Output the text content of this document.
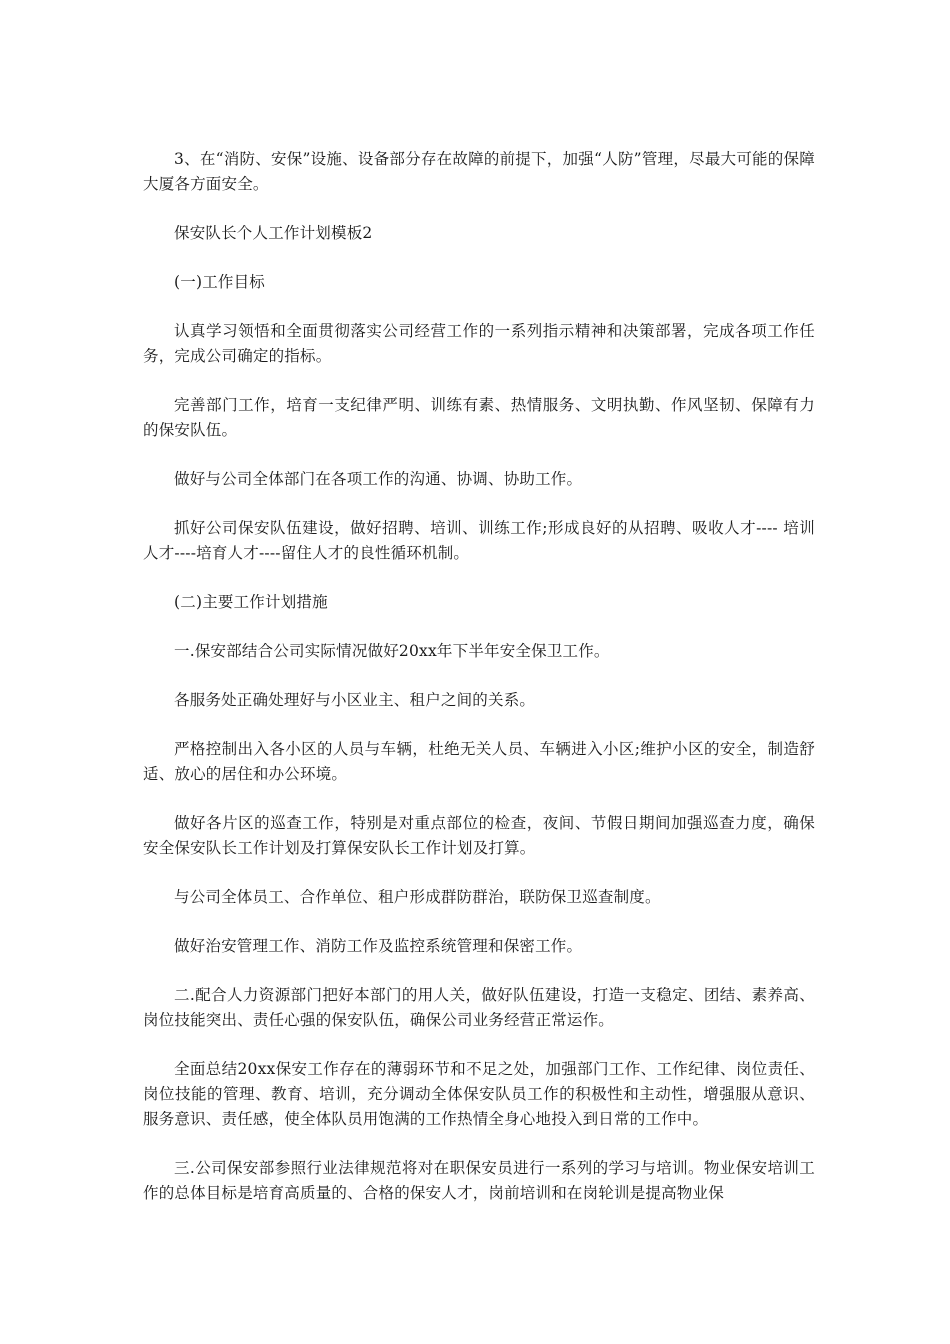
3、在“消防、安保”设施、设备部分存在故障的前提下，加强“人防”管理，尽最大可能的保障大厦各方面安全。

保安队长个人工作计划模板2

(一)工作目标

认真学习领悟和全面贯彻落实公司经营工作的一系列指示精神和决策部署，完成各项工作任务，完成公司确定的指标。

完善部门工作，培育一支纪律严明、训练有素、热情服务、文明执勤、作风坚韧、保障有力的保安队伍。

做好与公司全体部门在各项工作的沟通、协调、协助工作。

抓好公司保安队伍建设，做好招聘、培训、训练工作;形成良好的从招聘、吸收人才---- 培训人才----培育人才----留住人才的良性循环机制。

(二)主要工作计划措施

一.保安部结合公司实际情况做好20xx年下半年安全保卫工作。

各服务处正确处理好与小区业主、租户之间的关系。

严格控制出入各小区的人员与车辆，杜绝无关人员、车辆进入小区;维护小区的安全，制造舒适、放心的居住和办公环境。

做好各片区的巡查工作，特别是对重点部位的检查，夜间、节假日期间加强巡查力度，确保安全保安队长工作计划及打算保安队长工作计划及打算。

与公司全体员工、合作单位、租户形成群防群治，联防保卫巡查制度。

做好治安管理工作、消防工作及监控系统管理和保密工作。

二.配合人力资源部门把好本部门的用人关，做好队伍建设，打造一支稳定、团结、素养高、岗位技能突出、责任心强的保安队伍，确保公司业务经营正常运作。

全面总结20xx保安工作存在的薄弱环节和不足之处，加强部门工作、工作纪律、岗位责任、岗位技能的管理、教育、培训，充分调动全体保安队员工作的积极性和主动性，增强服从意识、服务意识、责任感，使全体队员用饱满的工作热情全身心地投入到日常的工作中。

三.公司保安部参照行业法律规范将对在职保安员进行一系列的学习与培训。物业保安培训工作的总体目标是培育高质量的、合格的保安人才，岗前培训和在岗轮训是提高物业保
